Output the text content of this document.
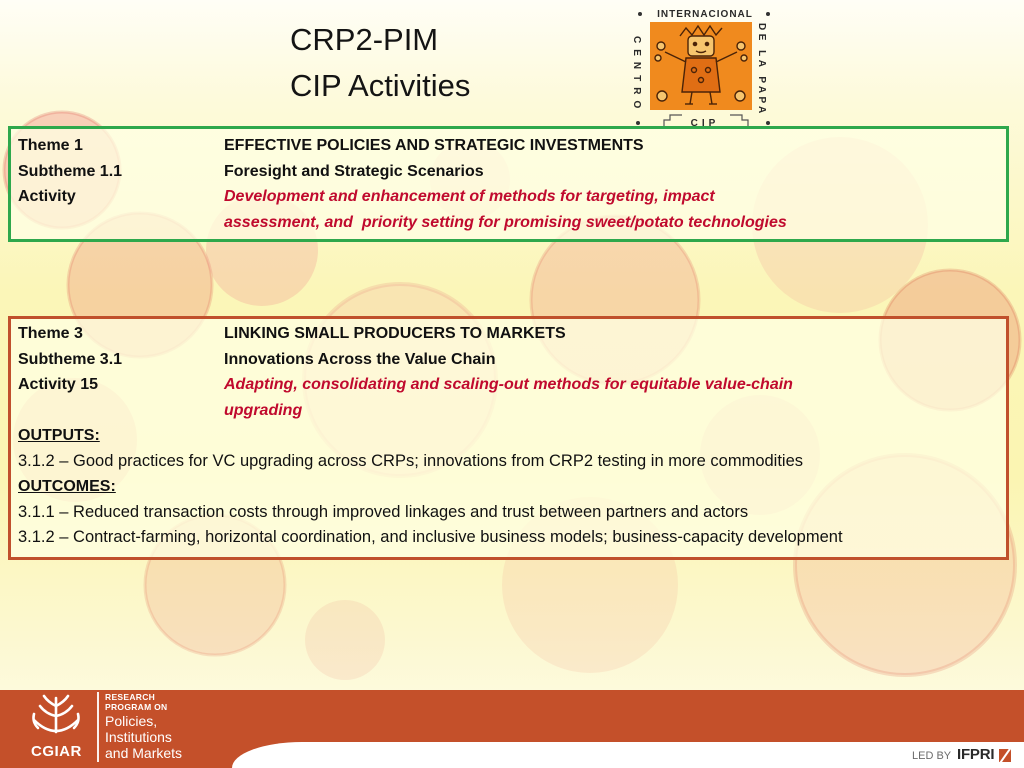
CRP2-PIM
CIP Activities
INTERNACIONAL
CENTRO	DE LA PAPA
CIP
Theme 1	EFFECTIVE POLICIES AND STRATEGIC INVESTMENTS
Subtheme 1.1	Foresight and Strategic Scenarios
Activity	Development and enhancement of methods for targeting, impact
assessment, and  priority setting for promising sweet/potato technologies
Theme 3	LINKING SMALL PRODUCERS TO MARKETS
Subtheme 3.1	Innovations Across the Value Chain
Activity 15	Adapting, consolidating and scaling-out methods for equitable value-chain
upgrading
OUTPUTS:
3.1.2 – Good practices for VC upgrading across CRPs; innovations from CRP2 testing in more commodities
OUTCOMES:
3.1.1 – Reduced transaction costs through improved linkages and trust between partners and actors
3.1.2 – Contract-farming, horizontal coordination, and inclusive business models; business-capacity development
CGIAR
RESEARCH
PROGRAM ON
Policies,
Institutions
and Markets	LED BY IFPRI
